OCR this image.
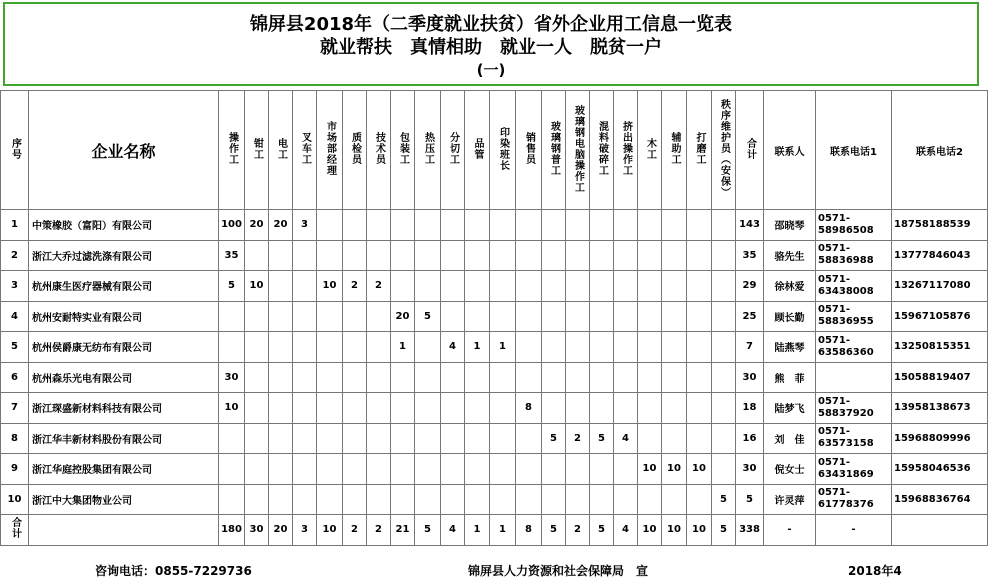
锦屏县2018年（二季度就业扶贫）省外企业用工信息一览表
就业帮扶　真情相助　就业一人　脱贫一户
(一)
序号	企业名称	操作工	钳工	电工	叉车工	市场部经理	质检员	技术员	包装工	热压工	分切工	品管	印染班长	销售员	玻璃钢普工	玻璃钢电脑操作工	混料破碎工	挤出操作工	木工	辅助工	打磨工	秩序维护员（安保）	合计	联系人	联系电话1	联系电话2
1	中策橡胶（富阳）有限公司	100	20	20	3																		143	邵晓琴	0571-58986508	18758188539
2	浙江大乔过滤洗涤有限公司	35																					35	骆先生	0571-58836988	13777846043
3	杭州康生医疗器械有限公司	5	10			10	2	2															29	徐林爱	0571-63438008	13267117080
4	杭州安耐特实业有限公司								20	5													25	顾长勤	0571-58836955	15967105876
5	杭州侯爵康无纺布有限公司								1		4	1	1										7	陆燕琴	0571-63586360	13250815351
6	杭州森乐光电有限公司	30																					30	熊　菲		15058819407
7	浙江琛盛新材料科技有限公司	10												8									18	陆梦飞	0571-58837920	13958138673
8	浙江华丰新材料股份有限公司														5	2	5	4					16	刘　佳	0571-63573158	15968809996
9	浙江华庭控股集团有限公司																		10	10	10		30	倪女士	0571-63431869	15958046536
10	浙江中大集团物业公司																					5	5	许灵萍	0571-61778376	15968836764
合计		180	30	20	3	10	2	2	21	5	4	1	1	8	5	2	5	4	10	10	10	5	338	-	-	
咨询电话：0855-7229736	锦屏县人力资源和社会保障局　宣	2018年4
